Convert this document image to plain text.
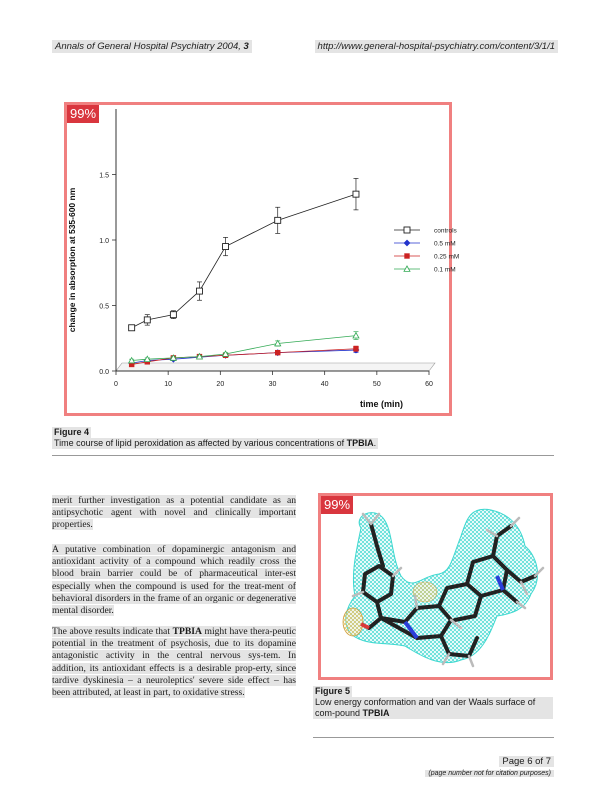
Annals of General Hospital Psychiatry 2004, 3	http://www.general-hospital-psychiatry.com/content/3/1/1
0.0
0.5
1.0
1.5
0	10	20	30	40	50	60
time (min)
change in absorption at 535-600 nm	controls
0.5 mM
0.25 mM
0.1 mM
99%
Figure 4
Time course of lipid peroxidation as affected by various concentrations of TPBIA.
merit further investigation as a potential candidate as an antipsychotic agent with novel and clinically important properties.
A putative combination of dopaminergic antagonism and antioxidant activity of a compound which readily cross the blood brain barrier could be of pharmaceutical inter-est especially when the compound is used for the treat-ment of behavioral disorders in the frame of an organic or degenerative mental disorder.
The above results indicate that TPBIA might have thera-peutic potential in the treatment of psychosis, due to its dopamine antagonistic activity in the central nervous sys-tem. In addition, its antioxidant effects is a desirable prop-erty, since tardive dyskinesia – a neuroleptics' severe side effect – has been attributed, at least in part, to oxidative stress.
99%
Figure 5
Low energy conformation and van der Waals surface of com-pound TPBIA
Page 6 of 7
(page number not for citation purposes)
